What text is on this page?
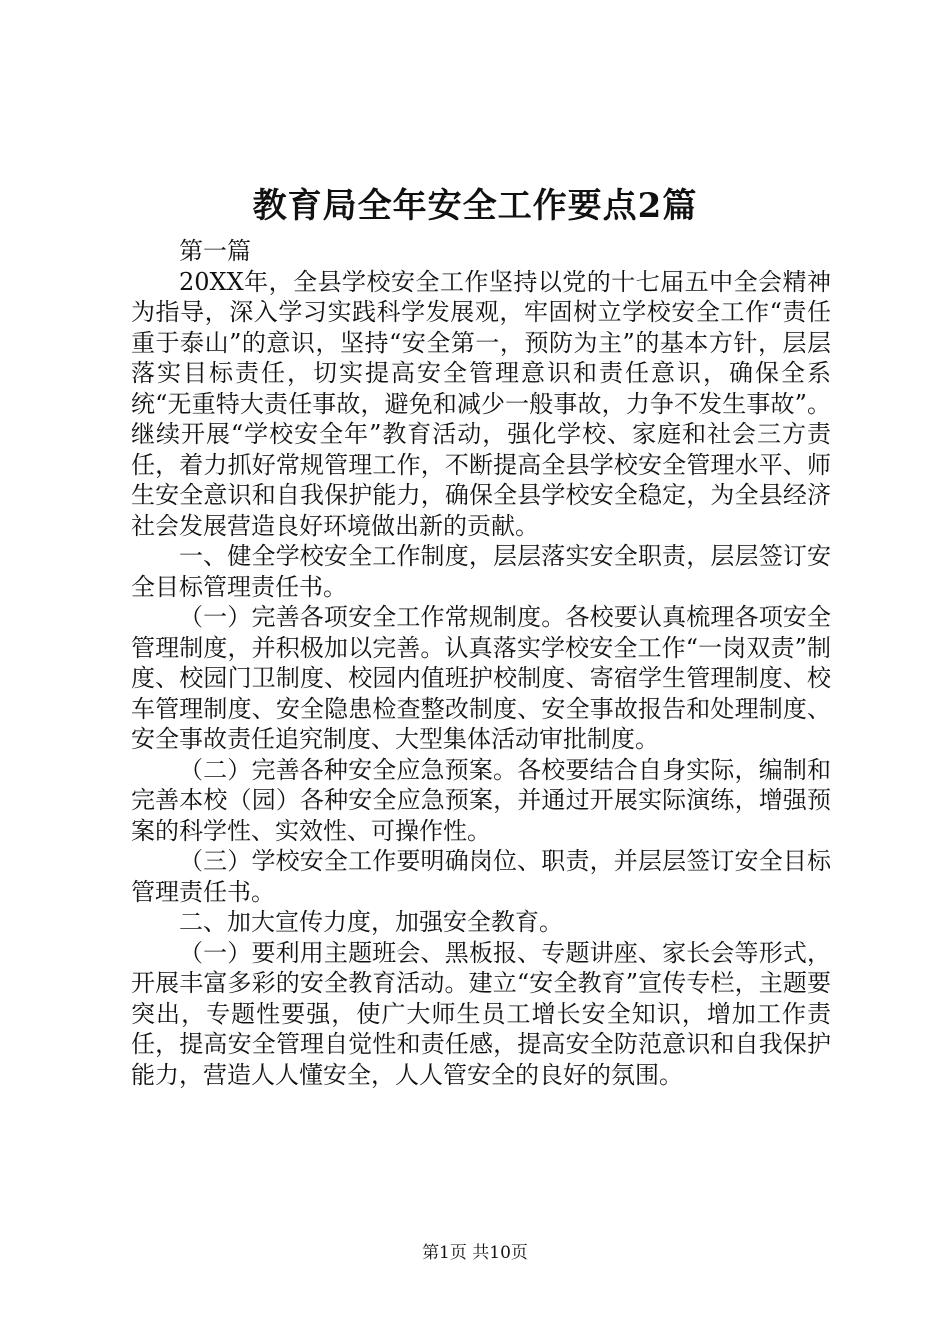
教育局全年安全工作要点2篇

第一篇

20XX年，全县学校安全工作坚持以党的十七届五中全会精神为指导，深入学习实践科学发展观，牢固树立学校安全工作“责任重于泰山”的意识，坚持“安全第一，预防为主”的基本方针，层层落实目标责任，切实提高安全管理意识和责任意识，确保全系统“无重特大责任事故，避免和减少一般事故，力争不发生事故”。继续开展“学校安全年”教育活动，强化学校、家庭和社会三方责任，着力抓好常规管理工作，不断提高全县学校安全管理水平、师生安全意识和自我保护能力，确保全县学校安全稳定，为全县经济社会发展营造良好环境做出新的贡献。

一、健全学校安全工作制度，层层落实安全职责，层层签订安全目标管理责任书。

（一）完善各项安全工作常规制度。各校要认真梳理各项安全管理制度，并积极加以完善。认真落实学校安全工作“一岗双责”制度、校园门卫制度、校园内值班护校制度、寄宿学生管理制度、校车管理制度、安全隐患检查整改制度、安全事故报告和处理制度、安全事故责任追究制度、大型集体活动审批制度。

（二）完善各种安全应急预案。各校要结合自身实际，编制和完善本校（园）各种安全应急预案，并通过开展实际演练，增强预案的科学性、实效性、可操作性。

（三）学校安全工作要明确岗位、职责，并层层签订安全目标管理责任书。

二、加大宣传力度，加强安全教育。

（一）要利用主题班会、黑板报、专题讲座、家长会等形式，开展丰富多彩的安全教育活动。建立“安全教育”宣传专栏，主题要突出，专题性要强，使广大师生员工增长安全知识，增加工作责任，提高安全管理自觉性和责任感，提高安全防范意识和自我保护能力，营造人人懂安全，人人管安全的良好的氛围。

第1页 共10页
